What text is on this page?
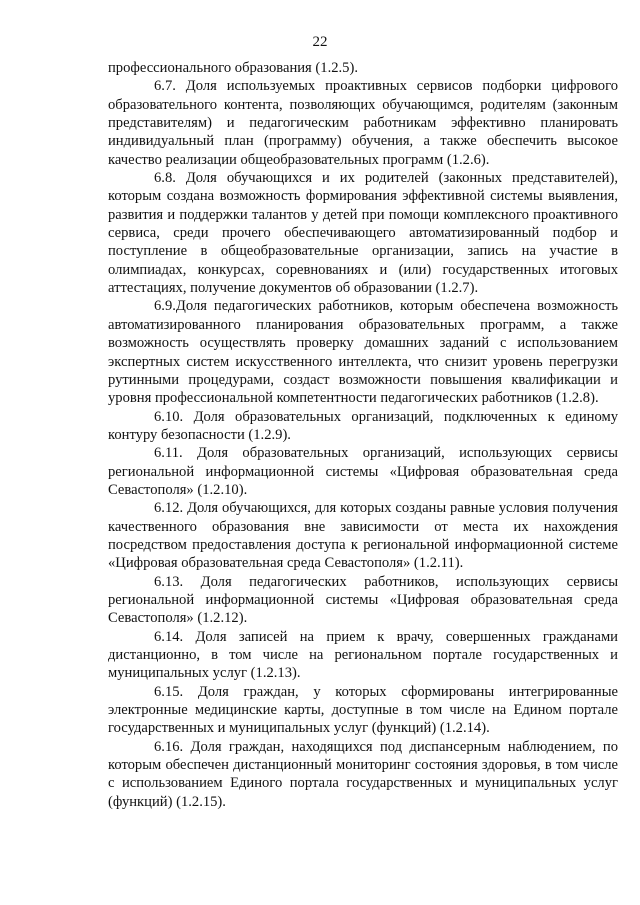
22

профессионального образования (1.2.5).

6.7. Доля используемых проактивных сервисов подборки цифрового образовательного контента, позволяющих обучающимся, родителям (законным представителям) и педагогическим работникам эффективно планировать индивидуальный план (программу) обучения, а также обеспечить высокое качество реализации общеобразовательных программ (1.2.6).

6.8. Доля обучающихся и их родителей (законных представителей), которым создана возможность формирования эффективной системы выявления, развития и поддержки талантов у детей при помощи комплексного проактивного сервиса, среди прочего обеспечивающего автоматизированный подбор и поступление в общеобразовательные организации, запись на участие в олимпиадах, конкурсах, соревнованиях и (или) государственных итоговых аттестациях, получение документов об образовании (1.2.7).

6.9.Доля педагогических работников, которым обеспечена возможность автоматизированного планирования образовательных программ, а также возможность осуществлять проверку домашних заданий с использованием экспертных систем искусственного интеллекта, что снизит уровень перегрузки рутинными процедурами, создаст возможности повышения квалификации и уровня профессиональной компетентности педагогических работников (1.2.8).

6.10. Доля образовательных организаций, подключенных к единому контуру безопасности (1.2.9).

6.11. Доля образовательных организаций, использующих сервисы региональной информационной системы «Цифровая образовательная среда Севастополя» (1.2.10).

6.12. Доля обучающихся, для которых созданы равные условия получения качественного образования вне зависимости от места их нахождения посредством предоставления доступа к региональной информационной системе «Цифровая образовательная среда Севастополя» (1.2.11).

6.13. Доля педагогических работников, использующих сервисы региональной информационной системы «Цифровая образовательная среда Севастополя» (1.2.12).

6.14. Доля записей на прием к врачу, совершенных гражданами дистанционно, в том числе на региональном портале государственных и муниципальных услуг (1.2.13).

6.15. Доля граждан, у которых сформированы интегрированные электронные медицинские карты, доступные в том числе на Едином портале государственных и муниципальных услуг (функций) (1.2.14).

6.16. Доля граждан, находящихся под диспансерным наблюдением, по которым обеспечен дистанционный мониторинг состояния здоровья, в том числе с использованием Единого портала государственных и муниципальных услуг (функций) (1.2.15).
